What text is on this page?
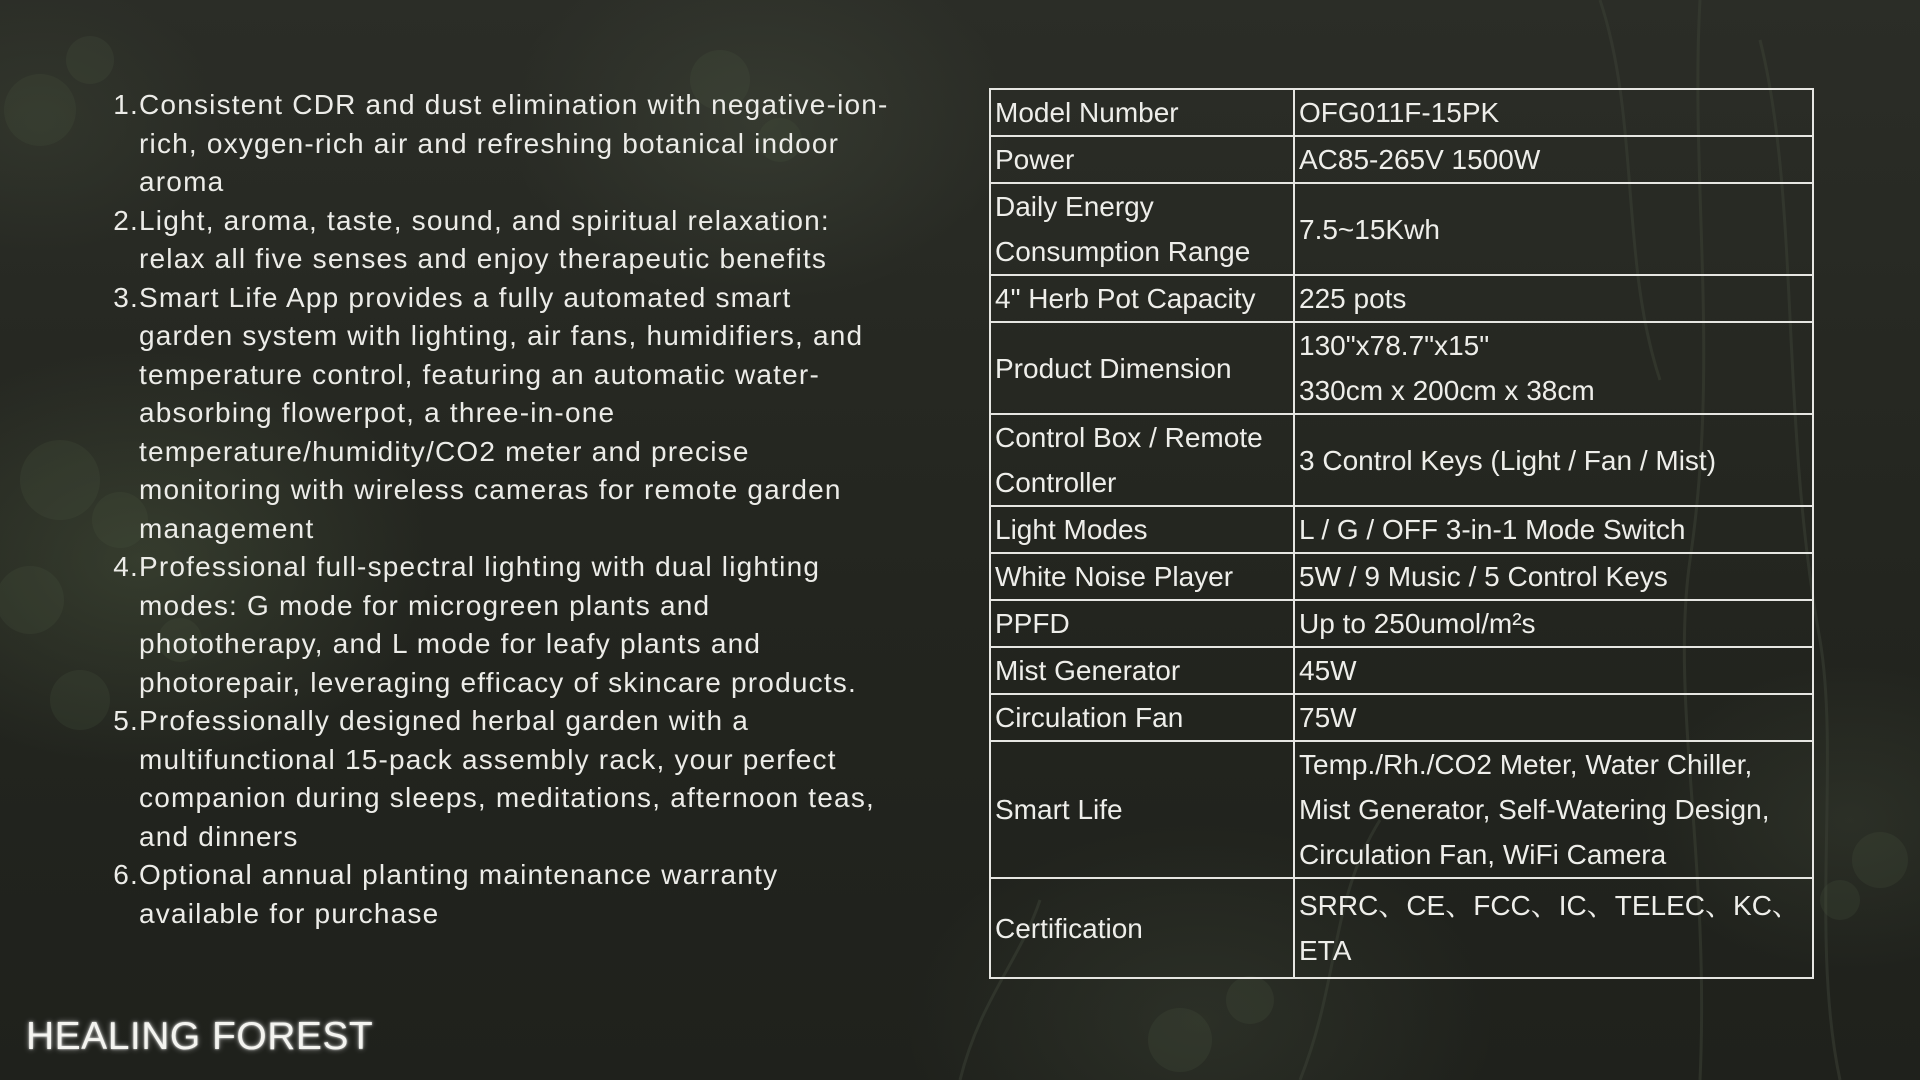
1. Consistent CDR and dust elimination with negative-ion-rich, oxygen-rich air and refreshing botanical indoor aroma
2. Light, aroma, taste, sound, and spiritual relaxation: relax all five senses and enjoy therapeutic benefits
3. Smart Life App provides a fully automated smart garden system with lighting, air fans, humidifiers, and temperature control, featuring an automatic water-absorbing flowerpot, a three-in-one temperature/humidity/CO2 meter and precise monitoring with wireless cameras for remote garden management
4. Professional full-spectral lighting with dual lighting modes: G mode for microgreen plants and phototherapy, and L mode for leafy plants and photorepair, leveraging efficacy of skincare products.
5. Professionally designed herbal garden with a multifunctional 15-pack assembly rack, your perfect companion during sleeps, meditations, afternoon teas, and dinners
6. Optional annual planting maintenance warranty available for purchase
Model Number	OFG011F-15PK
Power	AC85-265V 1500W
Daily Energy
Consumption Range	7.5~15Kwh
4" Herb Pot Capacity	225 pots
Product Dimension	130"x78.7"x15"
330cm x 200cm x 38cm
Control Box / Remote
Controller	3 Control Keys (Light / Fan / Mist)
Light Modes	L / G / OFF 3-in-1 Mode Switch
White Noise Player	5W / 9 Music / 5 Control Keys
PPFD	Up to 250umol/m²s
Mist Generator	45W
Circulation Fan	75W
Smart Life	Temp./Rh./CO2 Meter, Water Chiller,
Mist Generator, Self-Watering Design,
Circulation Fan, WiFi Camera
Certification	SRRC、CE、FCC、IC、TELEC、KC、
ETA
HEALING FOREST
